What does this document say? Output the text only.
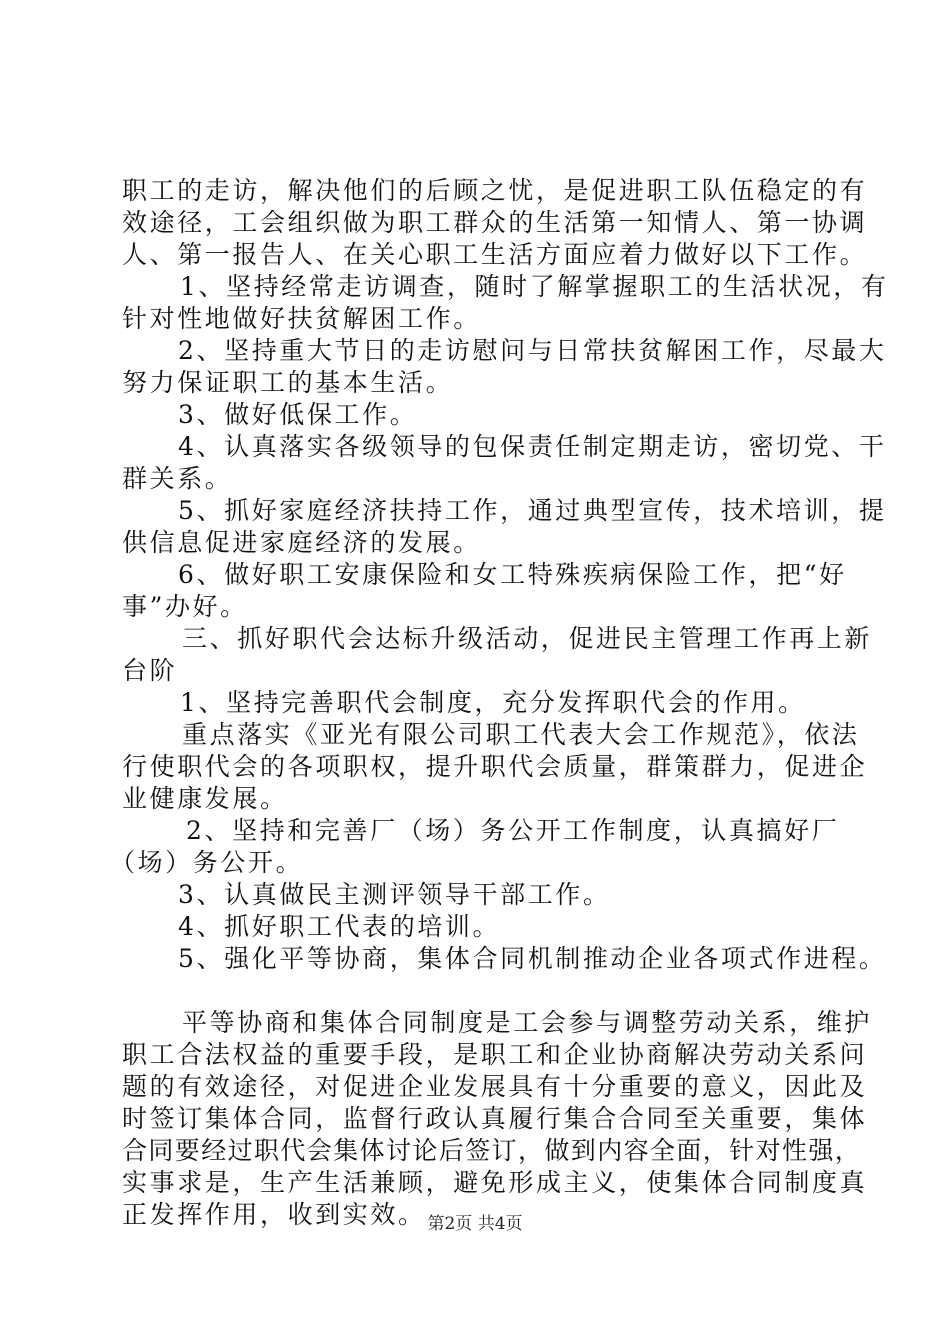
职工的走访，解决他们的后顾之忧，是促进职工队伍稳定的有

效途径，工会组织做为职工群众的生活第一知情人、第一协调

人、第一报告人、在关心职工生活方面应着力做好以下工作。

1、坚持经常走访调查，随时了解掌握职工的生活状况，有

针对性地做好扶贫解困工作。

2、坚持重大节日的走访慰问与日常扶贫解困工作，尽最大

努力保证职工的基本生活。

3、做好低保工作。

4、认真落实各级领导的包保责任制定期走访，密切党、干

群关系。

5、抓好家庭经济扶持工作，通过典型宣传，技术培训，提

供信息促进家庭经济的发展。

6、做好职工安康保险和女工特殊疾病保险工作，把“好

事”办好。

三、抓好职代会达标升级活动，促进民主管理工作再上新

台阶

1、坚持完善职代会制度，充分发挥职代会的作用。

重点落实《亚光有限公司职工代表大会工作规范》，依法

行使职代会的各项职权，提升职代会质量，群策群力，促进企

业健康发展。

2、坚持和完善厂（场）务公开工作制度，认真搞好厂

（场）务公开。

3、认真做民主测评领导干部工作。

4、抓好职工代表的培训。

5、强化平等协商，集体合同机制推动企业各项式作进程。

平等协商和集体合同制度是工会参与调整劳动关系，维护

职工合法权益的重要手段，是职工和企业协商解决劳动关系问

题的有效途径，对促进企业发展具有十分重要的意义，因此及

时签订集体合同，监督行政认真履行集合合同至关重要，集体

合同要经过职代会集体讨论后签订，做到内容全面，针对性强，

实事求是，生产生活兼顾，避免形成主义，使集体合同制度真

正发挥作用，收到实效。 第2页 共4页
